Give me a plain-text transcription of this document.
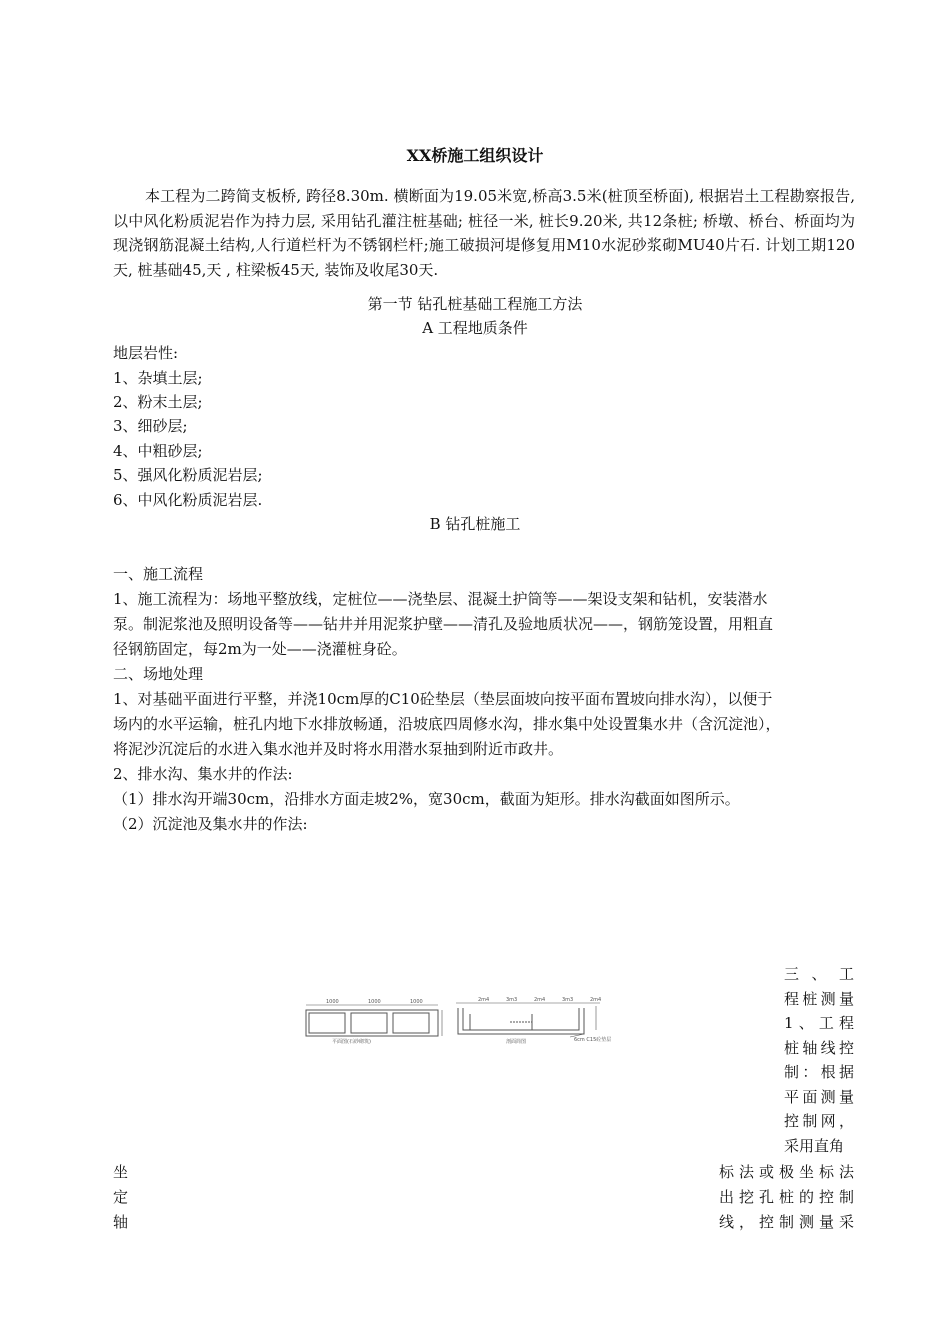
XX桥施工组织设计
本工程为二跨简支板桥, 跨径8.30m. 横断面为19.05米宽,桥高3.5米(桩顶至桥面), 根据岩土工程勘察报告, 以中风化粉质泥岩作为持力层, 采用钻孔灌注桩基础; 桩径一米, 桩长9.20米, 共12条桩; 桥墩、桥台、桥面均为现浇钢筋混凝土结构,人行道栏杆为不锈钢栏杆;施工破损河堤修复用M10水泥砂浆砌MU40片石. 计划工期120天, 桩基础45,天 , 柱梁板45天, 装饰及收尾30天.
第一节 钻孔桩基础工程施工方法
A 工程地质条件
地层岩性:
1、杂填土层;
2、粉末土层;
3、细砂层;
4、中粗砂层;
5、强风化粉质泥岩层;
6、中风化粉质泥岩层.
B 钻孔桩施工
一、施工流程
1、施工流程为：场地平整放线，定桩位——浇垫层、混凝土护筒等——架设支架和钻机，安装潜水
泵。制泥浆池及照明设备等——钻井并用泥浆护壁——清孔及验地质状况——，钢筋笼设置，用粗直
径钢筋固定，每2m为一处——浇灌桩身砼。
二、场地处理
1、对基础平面进行平整，并浇10cm厚的C10砼垫层（垫层面坡向按平面布置坡向排水沟），以便于
场内的水平运输，桩孔内地下水排放畅通，沿坡底四周修水沟，排水集中处设置集水井（含沉淀池），
将泥沙沉淀后的水进入集水池并及时将水用潜水泵抽到附近市政井。
2、排水沟、集水井的作法:
（1）排水沟开端30cm，沿排水方面走坡2%，宽30cm，截面为矩形。排水沟截面如图所示。
（2）沉淀池及集水井的作法:
1000	1000	1000
平面图(石砂砌筑)
2m4	3m3	2m4	3m3	2m4
剖面简图	6cm C15砼垫层
三、工
程桩测量
1、工程
桩轴线控
制：根据
平面测量
控制网，
采用直角
坐
定
轴
标法或极坐标法
出挖孔桩的控制
线，控制测量采
